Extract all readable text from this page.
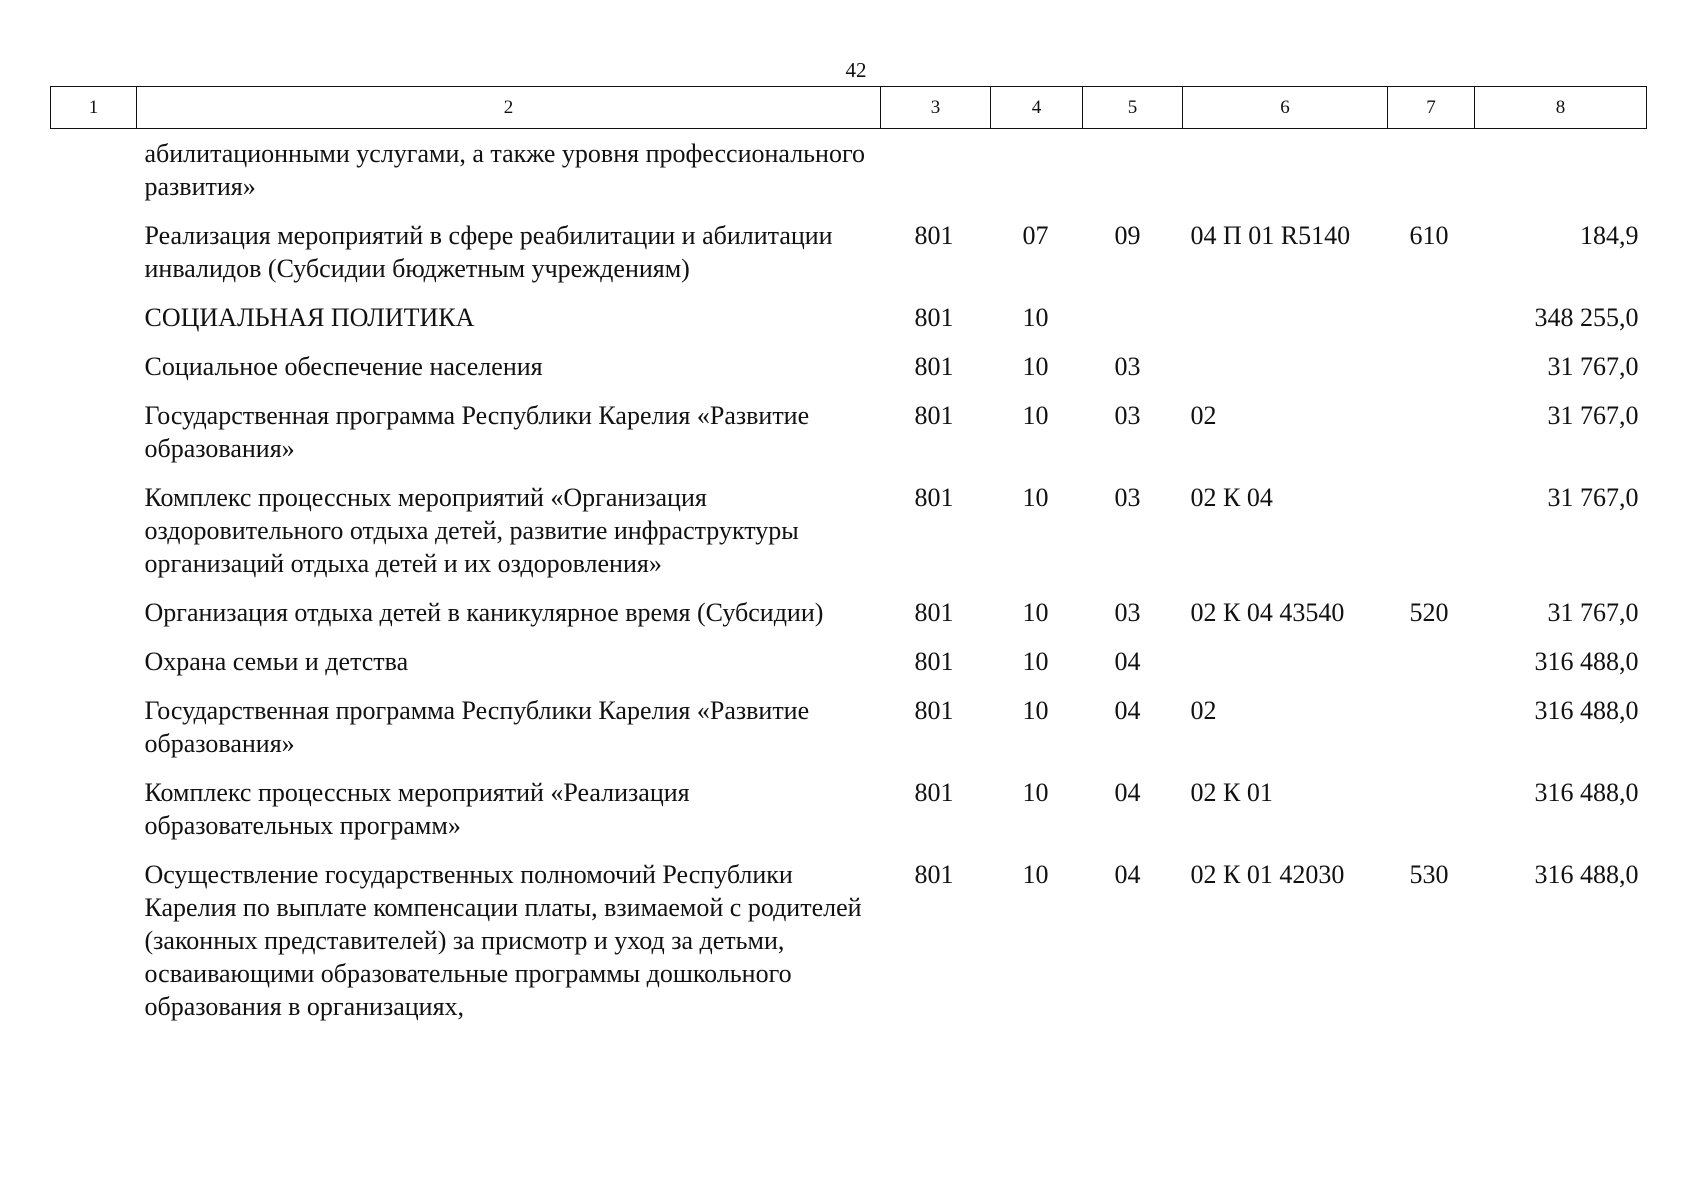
42
1	2	3	4	5	6	7	8
	абилитационными услугами, а также уровня профессионального развития»						
	Реализация мероприятий в сфере реабилитации и абилитации инвалидов (Субсидии бюджетным учреждениям)	801	07	09	04 П 01 R5140	610	184,9
	СОЦИАЛЬНАЯ ПОЛИТИКА	801	10				348 255,0
	Социальное обеспечение населения	801	10	03			31 767,0
	Государственная программа Республики Карелия «Развитие образования»	801	10	03	02		31 767,0
	Комплекс процессных мероприятий «Организация оздоровительного отдыха детей, развитие инфраструктуры организаций отдыха детей и их оздоровления»	801	10	03	02 К 04		31 767,0
	Организация отдыха детей в каникулярное время (Субсидии)	801	10	03	02 К 04 43540	520	31 767,0
	Охрана семьи и детства	801	10	04			316 488,0
	Государственная программа Республики Карелия «Развитие образования»	801	10	04	02		316 488,0
	Комплекс процессных мероприятий «Реализация образовательных программ»	801	10	04	02 К 01		316 488,0
	Осуществление государственных полномочий Республики Карелия по выплате компенсации платы, взимаемой с родителей (законных представителей) за присмотр и уход за детьми, осваивающими образовательные программы дошкольного образования в организациях,	801	10	04	02 К 01 42030	530	316 488,0
